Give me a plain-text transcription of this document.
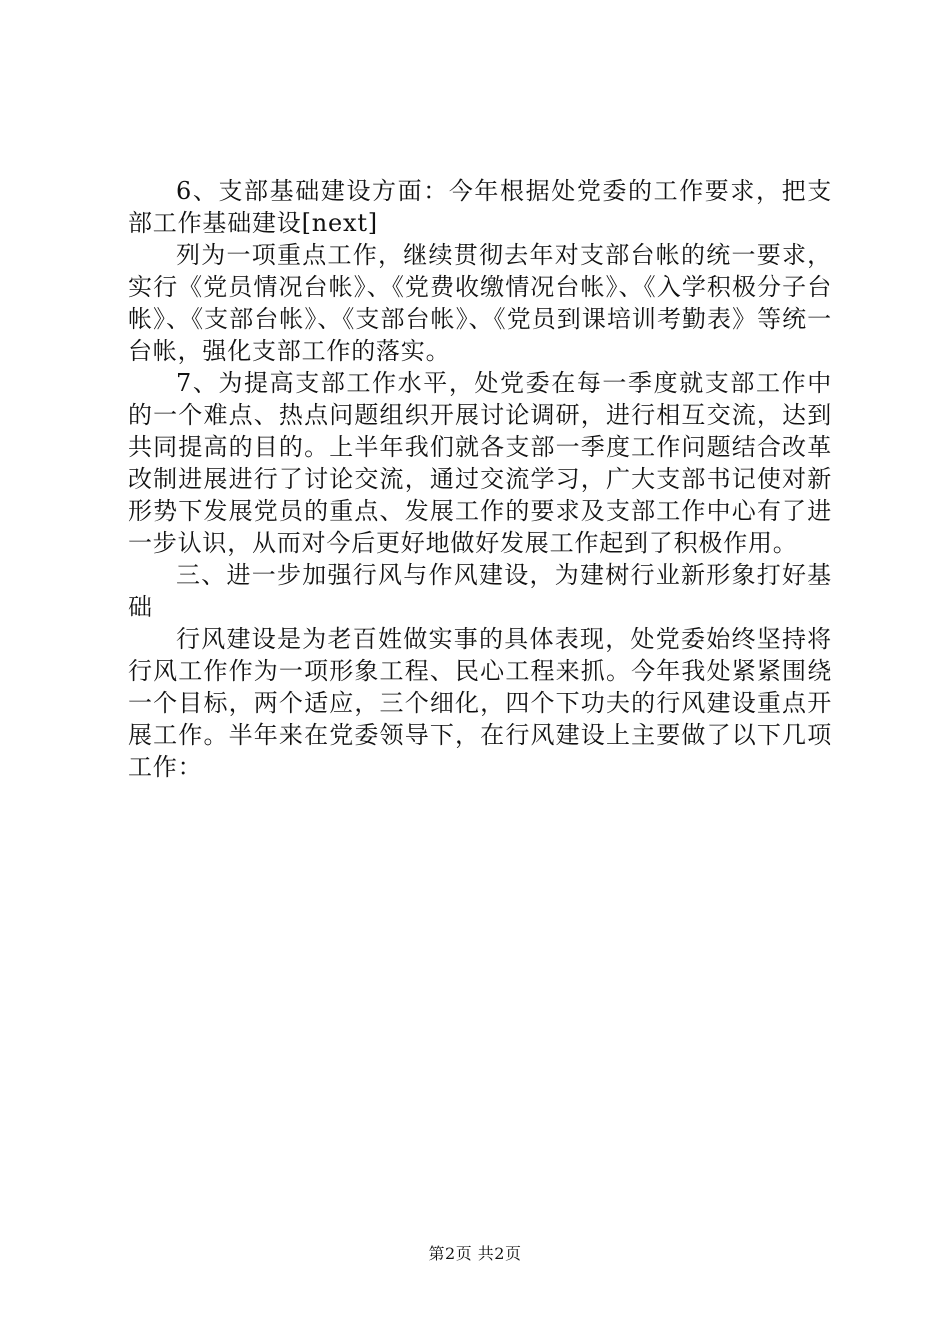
6、支部基础建设方面：今年根据处党委的工作要求，把支部工作基础建设[next]

列为一项重点工作，继续贯彻去年对支部台帐的统一要求，实行《党员情况台帐》、《党费收缴情况台帐》、《入学积极分子台帐》、《支部台帐》、《支部台帐》、《党员到课培训考勤表》等统一台帐，强化支部工作的落实。

7、为提高支部工作水平，处党委在每一季度就支部工作中的一个难点、热点问题组织开展讨论调研，进行相互交流，达到共同提高的目的。上半年我们就各支部一季度工作问题结合改革改制进展进行了讨论交流，通过交流学习，广大支部书记使对新形势下发展党员的重点、发展工作的要求及支部工作中心有了进一步认识，从而对今后更好地做好发展工作起到了积极作用。

三、进一步加强行风与作风建设，为建树行业新形象打好基础

行风建设是为老百姓做实事的具体表现，处党委始终坚持将行风工作作为一项形象工程、民心工程来抓。今年我处紧紧围绕一个目标，两个适应，三个细化，四个下功夫的行风建设重点开展工作。半年来在党委领导下，在行风建设上主要做了以下几项工作：

第2页 共2页
